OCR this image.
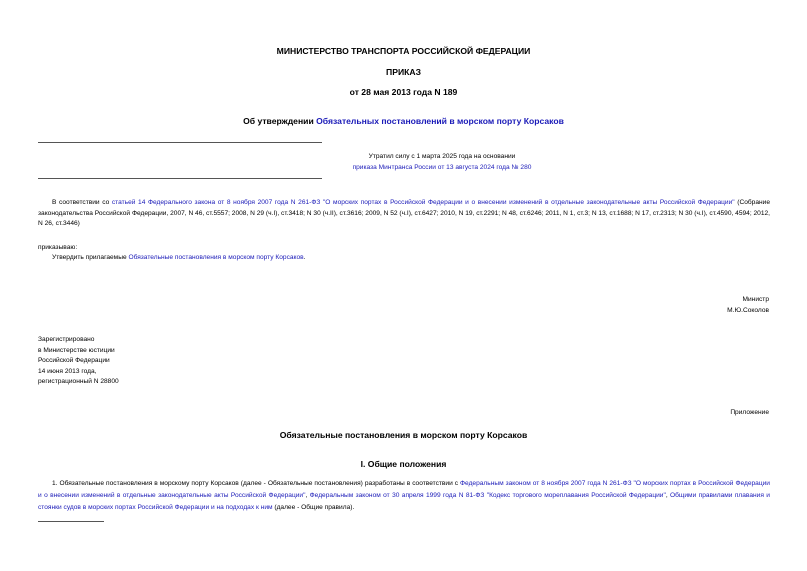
МИНИСТЕРСТВО ТРАНСПОРТА РОССИЙСКОЙ ФЕДЕРАЦИИ
ПРИКАЗ
от 28 мая 2013 года N 189
Об утверждении Обязательных постановлений в морском порту Корсаков
Утратил силу с 1 марта 2025 года на основании
приказа Минтранса России от 13 августа 2024 года № 280
В соответствии со статьей 14 Федерального закона от 8 ноября 2007 года N 261-ФЗ "О морских портах в Российской Федерации и о внесении изменений в отдельные законодательные акты Российской Федерации" (Собрание законодательства Российской Федерации, 2007, N 46, ст.5557; 2008, N 29 (ч.I), ст.3418; N 30 (ч.II), ст.3616; 2009, N 52 (ч.I), ст.6427; 2010, N 19, ст.2291; N 48, ст.6246; 2011, N 1, ст.3; N 13, ст.1688; N 17, ст.2313; N 30 (ч.I), ст.4590, 4594; 2012, N 26, ст.3446)
приказываю:
Утвердить прилагаемые Обязательные постановления в морском порту Корсаков.
Министр
М.Ю.Соколов
Зарегистрировано
в Министерстве юстиции
Российской Федерации
14 июня 2013 года,
регистрационный N 28800
Приложение
Обязательные постановления в морском порту Корсаков
I. Общие положения
1. Обязательные постановления в морскому порту Корсаков (далее - Обязательные постановления) разработаны в соответствии с Федеральным законом от 8 ноября 2007 года N 261-ФЗ "О морских портах в Российской Федерации и о внесении изменений в отдельные законодательные акты Российской Федерации", Федеральным законом от 30 апреля 1999 года N 81-ФЗ "Кодекс торгового мореплавания Российской Федерации", Общими правилами плавания и стоянки судов в морских портах Российской Федерации и на подходах к ним (далее - Общие правила).
